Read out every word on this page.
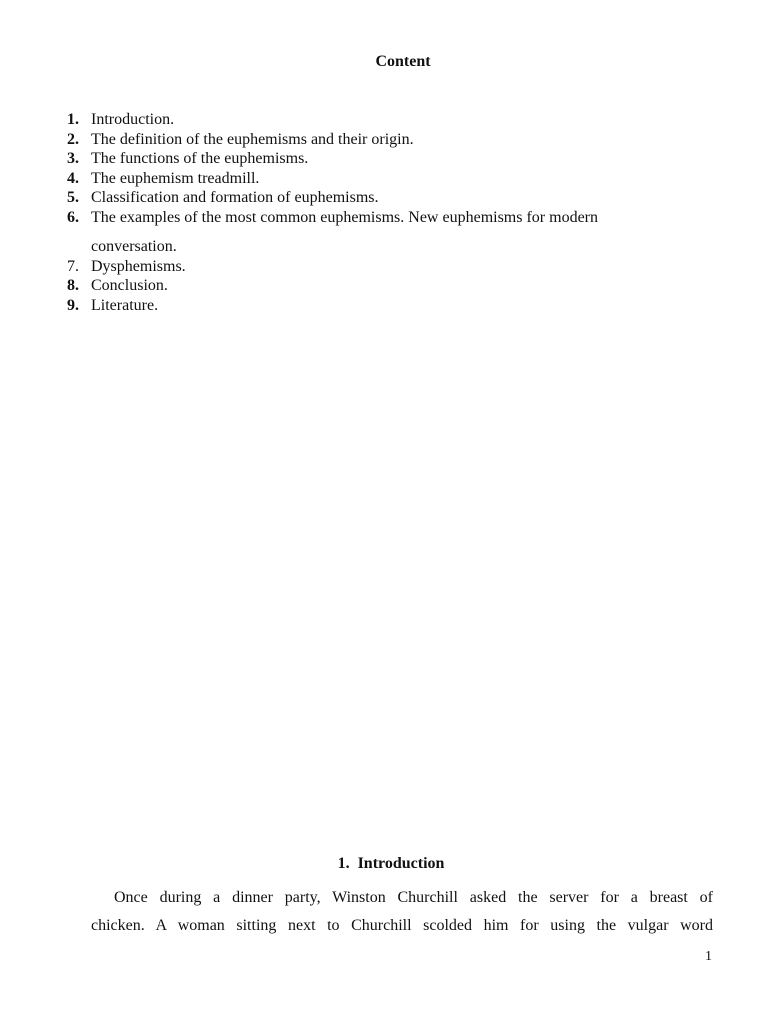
Content
1. Introduction.
2. The definition of the euphemisms and their origin.
3. The functions of the euphemisms.
4. The euphemism treadmill.
5. Classification and formation of euphemisms.
6. The examples of the most common euphemisms. New euphemisms for modern
conversation.
7. Dysphemisms.
8. Conclusion.
9. Literature.
1.  Introduction
Once during a dinner party, Winston Churchill asked the server for a breast of
chicken. A woman sitting next to Churchill scolded him for using the vulgar word
1
